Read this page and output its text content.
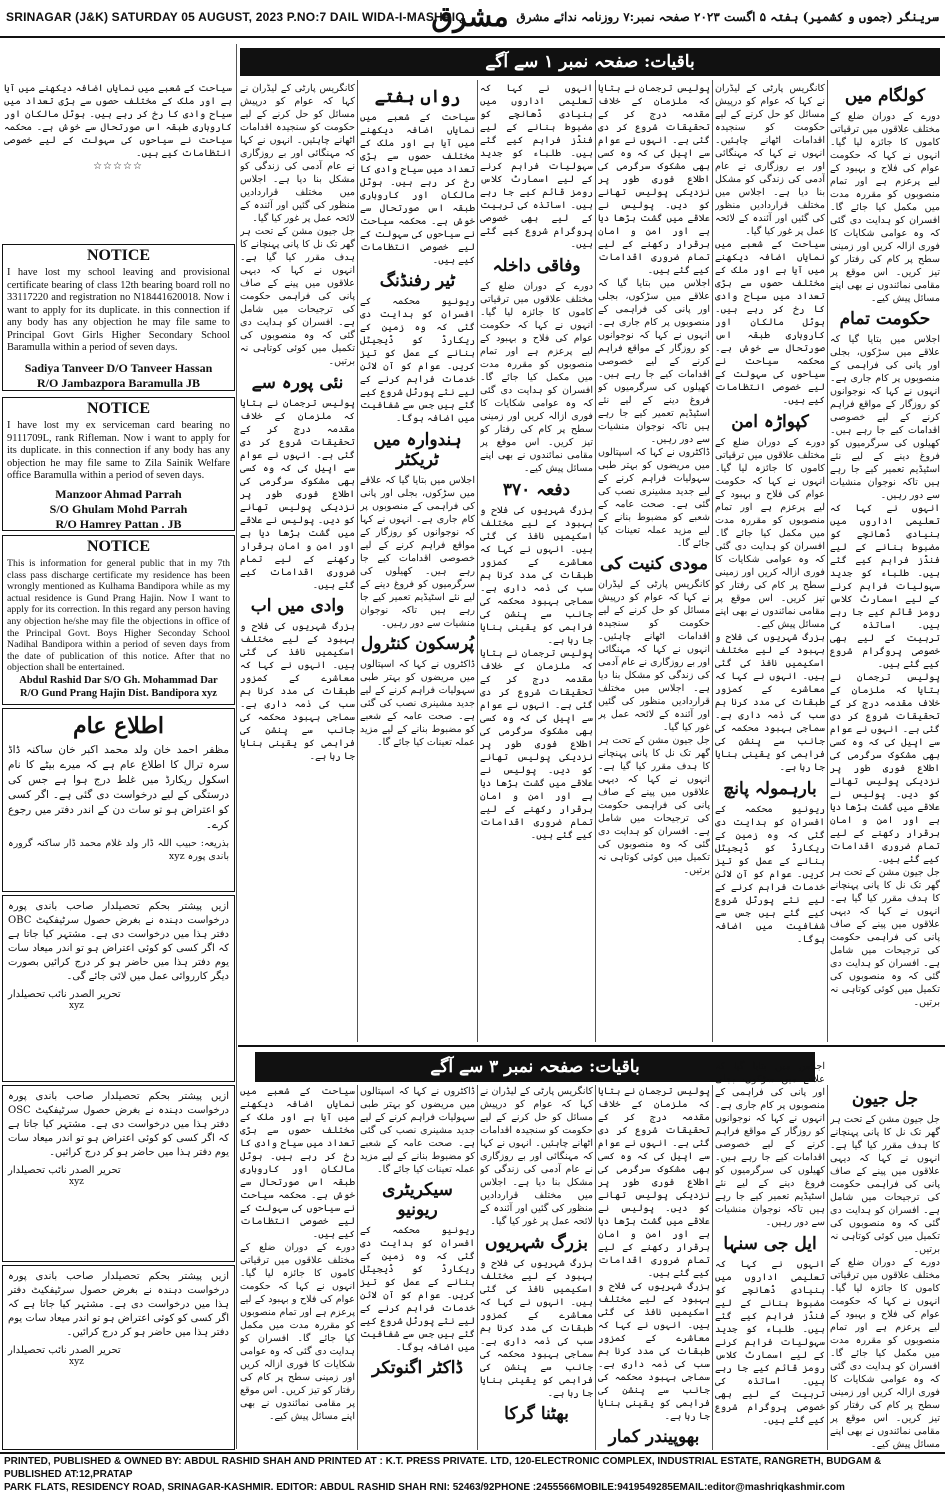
SRINAGAR (J&K) SATURDAY 05 AUGUST, 2023 P.NO:7 DAIL WIDA-I-MASHRIQ
مشرق سرینگر (جموں و کشمیر) ہفتہ ۵ اگست ۲۰۲۳ صفحہ نمبر:۷ روزنامہ ندائے مشرق
باقیات: صفحہ نمبر ۱ سے آگے
سیاحت کے شعبے میں نمایاں اضافہ دیکھنے میں آیا ہے اور ملک کے مختلف حصوں سے بڑی تعداد میں سیاح وادی کا رخ کر رہے ہیں۔ ہوٹل مالکان اور کاروباری طبقہ اس صورتحال سے خوش ہے۔ محکمہ سیاحت نے سیاحوں کی سہولت کے لیے خصوصی انتظامات کیے ہیں۔
☆☆☆☆☆
NOTICE
I have lost my school leaving and provisional certificate bearing of class 12th bearing board roll no 33117220 and registration no N18441620018. Now i want to apply for its duplicate. in this connection if any body has any objection he may file same to Principal Govt Girls Higher Secondary School Baramulla within a period of seven days.
Sadiya Tanveer D/O Tanveer Hassan
R/O Jambazpora Baramulla JB
NOTICE
I have lost my ex serviceman card bearing no 9111709L, rank Rifleman. Now i want to apply for its duplicate. in this connection if any body has any objection he may file same to Zila Sainik Welfare office Baramulla within a period of seven days.
Manzoor Ahmad Parrah
S/O Ghulam Mohd Parrah
R/O Hamrey Pattan . JB
NOTICE
This is information for general public that in my 7th class pass discharge certificate my residence has been wrongly mentioned as Kulhama Bandipora while as my actual residence is Gund Prang Hajin. Now I want to apply for its correction. In this regard any person having any objection he/she may file the objections in office of the Principal Govt. Boys Higher Seconday School Nadihal Bandipora within a period of seven days from the date of publication of this notice. After that no objection shall be entertained.
Abdul Rashid Dar S/O Gh. Mohammad Dar
R/O Gund Prang Hajin Dist. Bandipora xyz
اطلاع عام
مظفر احمد خان ولد محمد اکبر خان ساکنہ ڈاڈ سرہ ترال کا اطلاع عام ہے کہ میرے بیٹے کا نام اسکول ریکارڈ میں غلط درج ہوا ہے جس کی درستگی کے لیے درخواست دی گئی ہے۔ اگر کسی کو اعتراض ہو تو سات دن کے اندر دفتر میں رجوع کرے۔
بذریعہ: حبیب اللہ ڈار ولد غلام محمد ڈار ساکنہ گرورہ باندی پورہ xyz
ازیں پیشتر بحکم تحصیلدار صاحب باندی پورہ درخواست دہندہ نے بغرض حصول سرٹیفکیٹ OBC دفتر ہذا میں درخواست دی ہے۔ مشتہر کیا جاتا ہے کہ اگر کسی کو کوئی اعتراض ہو تو اندر میعاد سات یوم دفتر ہذا میں حاضر ہو کر درج کرائیں بصورت دیگر کارروائی عمل میں لائی جائے گی۔
تحریر الصدر نائب تحصیلدار
xyz
ازیں پیشتر بحکم تحصیلدار صاحب باندی پورہ درخواست دہندہ نے بغرض حصول سرٹیفکیٹ OSC دفتر ہذا میں درخواست دی ہے۔ مشتہر کیا جاتا ہے کہ اگر کسی کو کوئی اعتراض ہو تو اندر میعاد سات یوم دفتر ہذا میں حاضر ہو کر درج کرائیں۔
تحریر الصدر نائب تحصیلدار
xyz
ازیں پیشتر بحکم تحصیلدار صاحب باندی پورہ درخواست دہندہ نے بغرض حصول سرٹیفکیٹ دفتر ہذا میں درخواست دی ہے۔ مشتہر کیا جاتا ہے کہ اگر کسی کو کوئی اعتراض ہو تو اندر میعاد سات یوم دفتر ہذا میں حاضر ہو کر درج کرائیں۔
تحریر الصدر نائب تحصیلدار
xyz
کولگام میں
دورے کے دوران ضلع کے مختلف علاقوں میں ترقیاتی کاموں کا جائزہ لیا گیا۔ انہوں نے کہا کہ حکومت عوام کی فلاح و بہبود کے لیے پرعزم ہے اور تمام منصوبوں کو مقررہ مدت میں مکمل کیا جائے گا۔ افسران کو ہدایت دی گئی کہ وہ عوامی شکایات کا فوری ازالہ کریں اور زمینی سطح پر کام کی رفتار کو تیز کریں۔ اس موقع پر مقامی نمائندوں نے بھی اپنے مسائل پیش کیے۔
حکومت تمام
اجلاس میں بتایا گیا کہ علاقے میں سڑکوں، بجلی اور پانی کی فراہمی کے منصوبوں پر کام جاری ہے۔ انہوں نے کہا کہ نوجوانوں کو روزگار کے مواقع فراہم کرنے کے لیے خصوصی اقدامات کیے جا رہے ہیں۔ کھیلوں کی سرگرمیوں کو فروغ دینے کے لیے نئے اسٹیڈیم تعمیر کیے جا رہے ہیں تاکہ نوجوان منشیات سے دور رہیں۔
انہوں نے کہا کہ تعلیمی اداروں میں بنیادی ڈھانچے کو مضبوط بنانے کے لیے فنڈز فراہم کیے گئے ہیں۔ طلباء کو جدید سہولیات فراہم کرنے کے لیے اسمارٹ کلاس رومز قائم کیے جا رہے ہیں۔ اساتذہ کی تربیت کے لیے بھی خصوصی پروگرام شروع کیے گئے ہیں۔
پولیس ترجمان نے بتایا کہ ملزمان کے خلاف مقدمہ درج کر کے تحقیقات شروع کر دی گئی ہے۔ انہوں نے عوام سے اپیل کی کہ وہ کسی بھی مشکوک سرگرمی کی اطلاع فوری طور پر نزدیکی پولیس تھانے کو دیں۔ پولیس نے علاقے میں گشت بڑھا دیا ہے اور امن و امان برقرار رکھنے کے لیے تمام ضروری اقدامات کیے گئے ہیں۔
جل جیون مشن کے تحت ہر گھر تک نل کا پانی پہنچانے کا ہدف مقرر کیا گیا ہے۔ انہوں نے کہا کہ دیہی علاقوں میں پینے کے صاف پانی کی فراہمی حکومت کی ترجیحات میں شامل ہے۔ افسران کو ہدایت دی گئی کہ وہ منصوبوں کی تکمیل میں کوئی کوتاہی نہ برتیں۔
کانگریس پارٹی کے لیڈران نے کہا کہ عوام کو درپیش مسائل کو حل کرنے کے لیے حکومت کو سنجیدہ اقدامات اٹھانے چاہئیں۔ انہوں نے کہا کہ مہنگائی اور بے روزگاری نے عام آدمی کی زندگی کو مشکل بنا دیا ہے۔ اجلاس میں مختلف قراردادیں منظور کی گئیں اور آئندہ کے لائحہ عمل پر غور کیا گیا۔
سیاحت کے شعبے میں نمایاں اضافہ دیکھنے میں آیا ہے اور ملک کے مختلف حصوں سے بڑی تعداد میں سیاح وادی کا رخ کر رہے ہیں۔ ہوٹل مالکان اور کاروباری طبقہ اس صورتحال سے خوش ہے۔ محکمہ سیاحت نے سیاحوں کی سہولت کے لیے خصوصی انتظامات کیے ہیں۔
کپواڑہ امن
دورے کے دوران ضلع کے مختلف علاقوں میں ترقیاتی کاموں کا جائزہ لیا گیا۔ انہوں نے کہا کہ حکومت عوام کی فلاح و بہبود کے لیے پرعزم ہے اور تمام منصوبوں کو مقررہ مدت میں مکمل کیا جائے گا۔ افسران کو ہدایت دی گئی کہ وہ عوامی شکایات کا فوری ازالہ کریں اور زمینی سطح پر کام کی رفتار کو تیز کریں۔ اس موقع پر مقامی نمائندوں نے بھی اپنے مسائل پیش کیے۔
بزرگ شہریوں کی فلاح و بہبود کے لیے مختلف اسکیمیں نافذ کی گئی ہیں۔ انہوں نے کہا کہ معاشرے کے کمزور طبقات کی مدد کرنا ہم سب کی ذمہ داری ہے۔ سماجی بہبود محکمہ کی جانب سے پنشن کی فراہمی کو یقینی بنایا جا رہا ہے۔
بارہمولہ پانچ
ریونیو محکمہ کے افسران کو ہدایت دی گئی کہ وہ زمین کے ریکارڈ کو ڈیجیٹل بنانے کے عمل کو تیز کریں۔ عوام کو آن لائن خدمات فراہم کرنے کے لیے نئے پورٹل شروع کیے گئے ہیں جس سے شفافیت میں اضافہ ہوگا۔
پولیس ترجمان نے بتایا کہ ملزمان کے خلاف مقدمہ درج کر کے تحقیقات شروع کر دی گئی ہے۔ انہوں نے عوام سے اپیل کی کہ وہ کسی بھی مشکوک سرگرمی کی اطلاع فوری طور پر نزدیکی پولیس تھانے کو دیں۔ پولیس نے علاقے میں گشت بڑھا دیا ہے اور امن و امان برقرار رکھنے کے لیے تمام ضروری اقدامات کیے گئے ہیں۔
اجلاس میں بتایا گیا کہ علاقے میں سڑکوں، بجلی اور پانی کی فراہمی کے منصوبوں پر کام جاری ہے۔ انہوں نے کہا کہ نوجوانوں کو روزگار کے مواقع فراہم کرنے کے لیے خصوصی اقدامات کیے جا رہے ہیں۔ کھیلوں کی سرگرمیوں کو فروغ دینے کے لیے نئے اسٹیڈیم تعمیر کیے جا رہے ہیں تاکہ نوجوان منشیات سے دور رہیں۔
ڈاکٹروں نے کہا کہ اسپتالوں میں مریضوں کو بہتر طبی سہولیات فراہم کرنے کے لیے جدید مشینری نصب کی گئی ہے۔ صحت عامہ کے شعبے کو مضبوط بنانے کے لیے مزید عملہ تعینات کیا جائے گا۔
مودی کنیت کی
کانگریس پارٹی کے لیڈران نے کہا کہ عوام کو درپیش مسائل کو حل کرنے کے لیے حکومت کو سنجیدہ اقدامات اٹھانے چاہئیں۔ انہوں نے کہا کہ مہنگائی اور بے روزگاری نے عام آدمی کی زندگی کو مشکل بنا دیا ہے۔ اجلاس میں مختلف قراردادیں منظور کی گئیں اور آئندہ کے لائحہ عمل پر غور کیا گیا۔
جل جیون مشن کے تحت ہر گھر تک نل کا پانی پہنچانے کا ہدف مقرر کیا گیا ہے۔ انہوں نے کہا کہ دیہی علاقوں میں پینے کے صاف پانی کی فراہمی حکومت کی ترجیحات میں شامل ہے۔ افسران کو ہدایت دی گئی کہ وہ منصوبوں کی تکمیل میں کوئی کوتاہی نہ برتیں۔
انہوں نے کہا کہ تعلیمی اداروں میں بنیادی ڈھانچے کو مضبوط بنانے کے لیے فنڈز فراہم کیے گئے ہیں۔ طلباء کو جدید سہولیات فراہم کرنے کے لیے اسمارٹ کلاس رومز قائم کیے جا رہے ہیں۔ اساتذہ کی تربیت کے لیے بھی خصوصی پروگرام شروع کیے گئے ہیں۔
وفاقی داخلہ
دورے کے دوران ضلع کے مختلف علاقوں میں ترقیاتی کاموں کا جائزہ لیا گیا۔ انہوں نے کہا کہ حکومت عوام کی فلاح و بہبود کے لیے پرعزم ہے اور تمام منصوبوں کو مقررہ مدت میں مکمل کیا جائے گا۔ افسران کو ہدایت دی گئی کہ وہ عوامی شکایات کا فوری ازالہ کریں اور زمینی سطح پر کام کی رفتار کو تیز کریں۔ اس موقع پر مقامی نمائندوں نے بھی اپنے مسائل پیش کیے۔
دفعہ ۳۷۰
بزرگ شہریوں کی فلاح و بہبود کے لیے مختلف اسکیمیں نافذ کی گئی ہیں۔ انہوں نے کہا کہ معاشرے کے کمزور طبقات کی مدد کرنا ہم سب کی ذمہ داری ہے۔ سماجی بہبود محکمہ کی جانب سے پنشن کی فراہمی کو یقینی بنایا جا رہا ہے۔
پولیس ترجمان نے بتایا کہ ملزمان کے خلاف مقدمہ درج کر کے تحقیقات شروع کر دی گئی ہے۔ انہوں نے عوام سے اپیل کی کہ وہ کسی بھی مشکوک سرگرمی کی اطلاع فوری طور پر نزدیکی پولیس تھانے کو دیں۔ پولیس نے علاقے میں گشت بڑھا دیا ہے اور امن و امان برقرار رکھنے کے لیے تمام ضروری اقدامات کیے گئے ہیں۔
رواں ہفتے
سیاحت کے شعبے میں نمایاں اضافہ دیکھنے میں آیا ہے اور ملک کے مختلف حصوں سے بڑی تعداد میں سیاح وادی کا رخ کر رہے ہیں۔ ہوٹل مالکان اور کاروباری طبقہ اس صورتحال سے خوش ہے۔ محکمہ سیاحت نے سیاحوں کی سہولت کے لیے خصوصی انتظامات کیے ہیں۔
ٹیر رفنڈنگ
ریونیو محکمہ کے افسران کو ہدایت دی گئی کہ وہ زمین کے ریکارڈ کو ڈیجیٹل بنانے کے عمل کو تیز کریں۔ عوام کو آن لائن خدمات فراہم کرنے کے لیے نئے پورٹل شروع کیے گئے ہیں جس سے شفافیت میں اضافہ ہوگا۔
ہندوارہ میں ٹریکٹر
اجلاس میں بتایا گیا کہ علاقے میں سڑکوں، بجلی اور پانی کی فراہمی کے منصوبوں پر کام جاری ہے۔ انہوں نے کہا کہ نوجوانوں کو روزگار کے مواقع فراہم کرنے کے لیے خصوصی اقدامات کیے جا رہے ہیں۔ کھیلوں کی سرگرمیوں کو فروغ دینے کے لیے نئے اسٹیڈیم تعمیر کیے جا رہے ہیں تاکہ نوجوان منشیات سے دور رہیں۔
پُرسکون کنٹرول
ڈاکٹروں نے کہا کہ اسپتالوں میں مریضوں کو بہتر طبی سہولیات فراہم کرنے کے لیے جدید مشینری نصب کی گئی ہے۔ صحت عامہ کے شعبے کو مضبوط بنانے کے لیے مزید عملہ تعینات کیا جائے گا۔
کانگریس پارٹی کے لیڈران نے کہا کہ عوام کو درپیش مسائل کو حل کرنے کے لیے حکومت کو سنجیدہ اقدامات اٹھانے چاہئیں۔ انہوں نے کہا کہ مہنگائی اور بے روزگاری نے عام آدمی کی زندگی کو مشکل بنا دیا ہے۔ اجلاس میں مختلف قراردادیں منظور کی گئیں اور آئندہ کے لائحہ عمل پر غور کیا گیا۔
جل جیون مشن کے تحت ہر گھر تک نل کا پانی پہنچانے کا ہدف مقرر کیا گیا ہے۔ انہوں نے کہا کہ دیہی علاقوں میں پینے کے صاف پانی کی فراہمی حکومت کی ترجیحات میں شامل ہے۔ افسران کو ہدایت دی گئی کہ وہ منصوبوں کی تکمیل میں کوئی کوتاہی نہ برتیں۔
نئی پورہ سے
پولیس ترجمان نے بتایا کہ ملزمان کے خلاف مقدمہ درج کر کے تحقیقات شروع کر دی گئی ہے۔ انہوں نے عوام سے اپیل کی کہ وہ کسی بھی مشکوک سرگرمی کی اطلاع فوری طور پر نزدیکی پولیس تھانے کو دیں۔ پولیس نے علاقے میں گشت بڑھا دیا ہے اور امن و امان برقرار رکھنے کے لیے تمام ضروری اقدامات کیے گئے ہیں۔
وادی میں اب
بزرگ شہریوں کی فلاح و بہبود کے لیے مختلف اسکیمیں نافذ کی گئی ہیں۔ انہوں نے کہا کہ معاشرے کے کمزور طبقات کی مدد کرنا ہم سب کی ذمہ داری ہے۔ سماجی بہبود محکمہ کی جانب سے پنشن کی فراہمی کو یقینی بنایا جا رہا ہے۔
باقیات: صفحہ نمبر ۳ سے آگے
جل جیون
جل جیون مشن کے تحت ہر گھر تک نل کا پانی پہنچانے کا ہدف مقرر کیا گیا ہے۔ انہوں نے کہا کہ دیہی علاقوں میں پینے کے صاف پانی کی فراہمی حکومت کی ترجیحات میں شامل ہے۔ افسران کو ہدایت دی گئی کہ وہ منصوبوں کی تکمیل میں کوئی کوتاہی نہ برتیں۔
دورے کے دوران ضلع کے مختلف علاقوں میں ترقیاتی کاموں کا جائزہ لیا گیا۔ انہوں نے کہا کہ حکومت عوام کی فلاح و بہبود کے لیے پرعزم ہے اور تمام منصوبوں کو مقررہ مدت میں مکمل کیا جائے گا۔ افسران کو ہدایت دی گئی کہ وہ عوامی شکایات کا فوری ازالہ کریں اور زمینی سطح پر کام کی رفتار کو تیز کریں۔ اس موقع پر مقامی نمائندوں نے بھی اپنے مسائل پیش کیے۔
اجلاس میں بتایا گیا کہ علاقے میں سڑکوں، بجلی اور پانی کی فراہمی کے منصوبوں پر کام جاری ہے۔ انہوں نے کہا کہ نوجوانوں کو روزگار کے مواقع فراہم کرنے کے لیے خصوصی اقدامات کیے جا رہے ہیں۔ کھیلوں کی سرگرمیوں کو فروغ دینے کے لیے نئے اسٹیڈیم تعمیر کیے جا رہے ہیں تاکہ نوجوان منشیات سے دور رہیں۔
ایل جی سنہا
انہوں نے کہا کہ تعلیمی اداروں میں بنیادی ڈھانچے کو مضبوط بنانے کے لیے فنڈز فراہم کیے گئے ہیں۔ طلباء کو جدید سہولیات فراہم کرنے کے لیے اسمارٹ کلاس رومز قائم کیے جا رہے ہیں۔ اساتذہ کی تربیت کے لیے بھی خصوصی پروگرام شروع کیے گئے ہیں۔
پولیس ترجمان نے بتایا کہ ملزمان کے خلاف مقدمہ درج کر کے تحقیقات شروع کر دی گئی ہے۔ انہوں نے عوام سے اپیل کی کہ وہ کسی بھی مشکوک سرگرمی کی اطلاع فوری طور پر نزدیکی پولیس تھانے کو دیں۔ پولیس نے علاقے میں گشت بڑھا دیا ہے اور امن و امان برقرار رکھنے کے لیے تمام ضروری اقدامات کیے گئے ہیں۔
بزرگ شہریوں کی فلاح و بہبود کے لیے مختلف اسکیمیں نافذ کی گئی ہیں۔ انہوں نے کہا کہ معاشرے کے کمزور طبقات کی مدد کرنا ہم سب کی ذمہ داری ہے۔ سماجی بہبود محکمہ کی جانب سے پنشن کی فراہمی کو یقینی بنایا جا رہا ہے۔
بھوپیندر کمار
کانگریس پارٹی کے لیڈران نے کہا کہ عوام کو درپیش مسائل کو حل کرنے کے لیے حکومت کو سنجیدہ اقدامات اٹھانے چاہئیں۔ انہوں نے کہا کہ مہنگائی اور بے روزگاری نے عام آدمی کی زندگی کو مشکل بنا دیا ہے۔ اجلاس میں مختلف قراردادیں منظور کی گئیں اور آئندہ کے لائحہ عمل پر غور کیا گیا۔
بزرگ شہریوں
بزرگ شہریوں کی فلاح و بہبود کے لیے مختلف اسکیمیں نافذ کی گئی ہیں۔ انہوں نے کہا کہ معاشرے کے کمزور طبقات کی مدد کرنا ہم سب کی ذمہ داری ہے۔ سماجی بہبود محکمہ کی جانب سے پنشن کی فراہمی کو یقینی بنایا جا رہا ہے۔
بھٹنا گرکا
ڈاکٹروں نے کہا کہ اسپتالوں میں مریضوں کو بہتر طبی سہولیات فراہم کرنے کے لیے جدید مشینری نصب کی گئی ہے۔ صحت عامہ کے شعبے کو مضبوط بنانے کے لیے مزید عملہ تعینات کیا جائے گا۔
سیکریٹری ریونیو
ریونیو محکمہ کے افسران کو ہدایت دی گئی کہ وہ زمین کے ریکارڈ کو ڈیجیٹل بنانے کے عمل کو تیز کریں۔ عوام کو آن لائن خدمات فراہم کرنے کے لیے نئے پورٹل شروع کیے گئے ہیں جس سے شفافیت میں اضافہ ہوگا۔
ڈاکٹر اگنوتکر
سیاحت کے شعبے میں نمایاں اضافہ دیکھنے میں آیا ہے اور ملک کے مختلف حصوں سے بڑی تعداد میں سیاح وادی کا رخ کر رہے ہیں۔ ہوٹل مالکان اور کاروباری طبقہ اس صورتحال سے خوش ہے۔ محکمہ سیاحت نے سیاحوں کی سہولت کے لیے خصوصی انتظامات کیے ہیں۔
دورے کے دوران ضلع کے مختلف علاقوں میں ترقیاتی کاموں کا جائزہ لیا گیا۔ انہوں نے کہا کہ حکومت عوام کی فلاح و بہبود کے لیے پرعزم ہے اور تمام منصوبوں کو مقررہ مدت میں مکمل کیا جائے گا۔ افسران کو ہدایت دی گئی کہ وہ عوامی شکایات کا فوری ازالہ کریں اور زمینی سطح پر کام کی رفتار کو تیز کریں۔ اس موقع پر مقامی نمائندوں نے بھی اپنے مسائل پیش کیے۔
PRINTED, PUBLISHED & OWNED BY: ABDUL RASHID SHAH AND PRINTED AT : K.T. PRESS PRIVATE. LTD, 120-ELECTRONIC COMPLEX, INDUSTRIAL ESTATE, RANGRETH, BUDGAM & PUBLISHED AT:12,PRATAP
PARK FLATS, RESIDENCY ROAD, SRINAGAR-KASHMIR. EDITOR: ABDUL RASHID SHAH RNI: 52463/92PHONE :2455566MOBILE:9419549285EMAIL:editor@mashriqkashmir.com
